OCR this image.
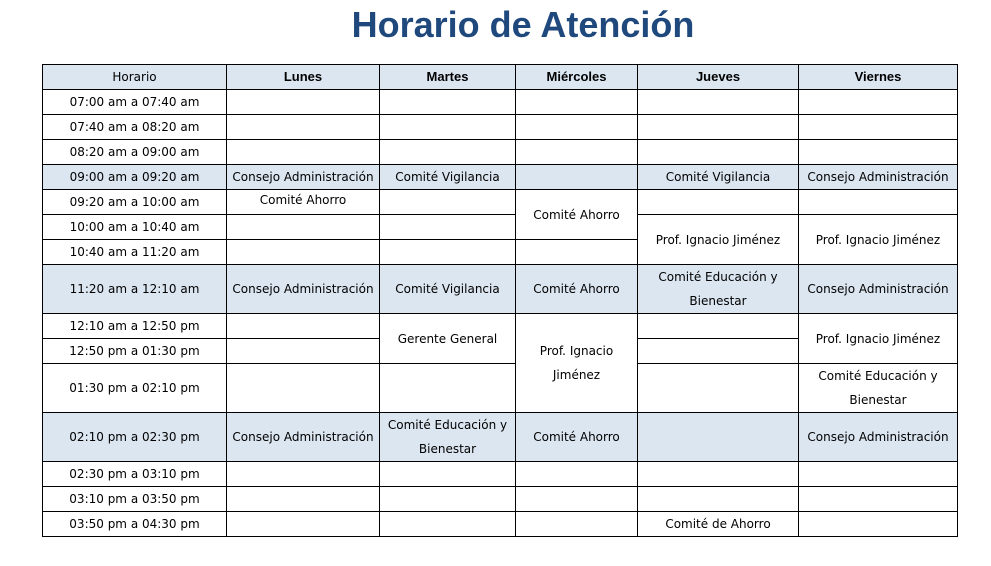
Horario de Atención
Horario	Lunes	Martes	Miércoles	Jueves	Viernes
07:00 am a 07:40 am					
07:40 am a 08:20 am					
08:20 am a 09:00 am					
09:00 am a 09:20 am	Consejo Administración	Comité Vigilancia		Comité Vigilancia	Consejo Administración
09:20 am a 10:00 am	Comité Ahorro		Comité Ahorro		
10:00 am a 10:40 am				Prof. Ignacio Jiménez	Prof. Ignacio Jiménez
10:40 am a 11:20 am					
11:20 am a 12:10 am	Consejo Administración	Comité Vigilancia	Comité Ahorro	Comité Educación y Bienestar	Consejo Administración
12:10 am a 12:50 pm		Gerente General	Prof. Ignacio Jiménez		Prof. Ignacio Jiménez
12:50 pm a 01:30 pm					
01:30 pm a 02:10 pm					Comité Educación y Bienestar
02:10 pm a 02:30 pm	Consejo Administración	Comité Educación y Bienestar	Comité Ahorro		Consejo Administración
02:30 pm a 03:10 pm					
03:10 pm a 03:50 pm					
03:50 pm a 04:30 pm				Comité de Ahorro	
